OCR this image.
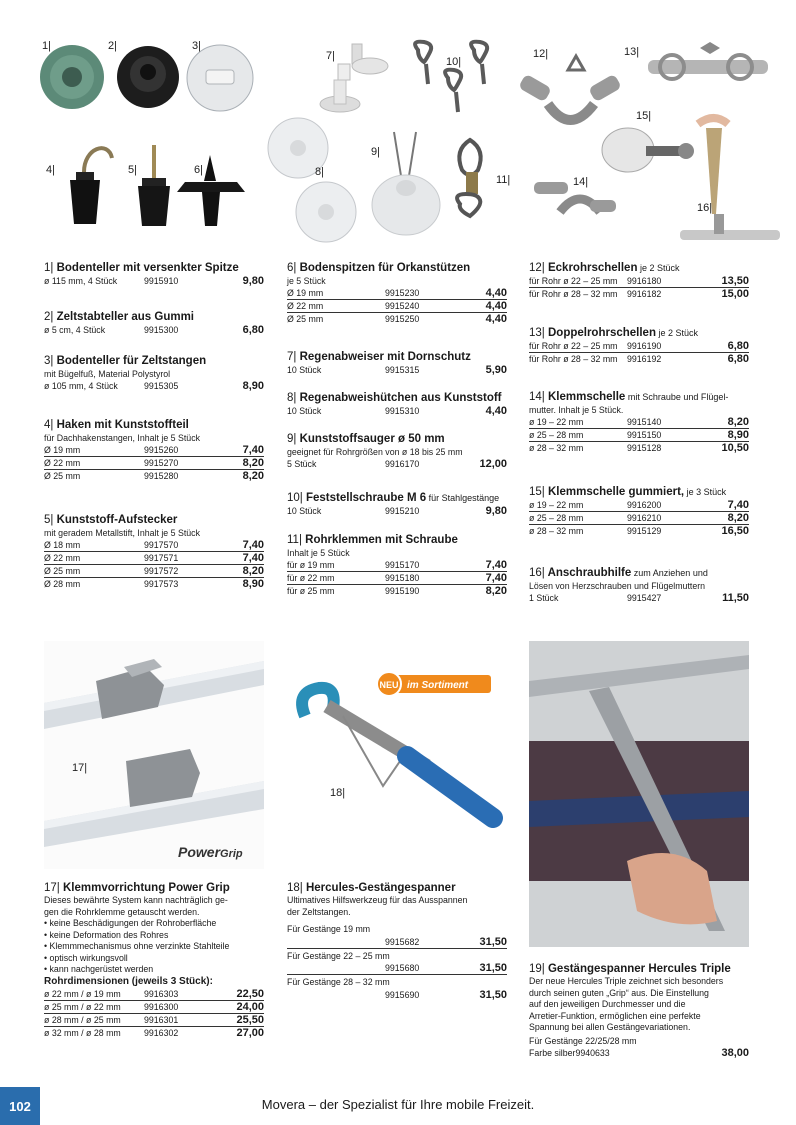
1|	2|	3|
4|	5|	6|
7|
8|
9|
10|
11|
12|	13|
14|
15|
16|
1| Bodenteller mit versenkter Spitze
ø 115 mm, 4 Stück	9915910	9,80
2| Zeltstabteller aus Gummi
ø 5 cm, 4 Stück	9915300	6,80
3| Bodenteller für Zeltstangen
mit Bügelfuß, Material Polystyrol
ø 105 mm, 4 Stück	9915305	8,90
4| Haken mit Kunststoffteil
für Dachhakenstangen, Inhalt je 5 Stück
Ø 19 mm	9915260	7,40
Ø 22 mm	9915270	8,20
Ø 25 mm	9915280	8,20
5| Kunststoff-Aufstecker
mit geradem Metallstift, Inhalt je 5 Stück
Ø 18 mm	9917570	7,40
Ø 22 mm	9917571	7,40
Ø 25 mm	9917572	8,20
Ø 28 mm	9917573	8,90
6| Bodenspitzen für Orkanstützen
je 5 Stück
Ø 19 mm	9915230	4,40
Ø 22 mm	9915240	4,40
Ø 25 mm	9915250	4,40
7| Regenabweiser mit Dornschutz
10 Stück	9915315	5,90
8| Regenabweishütchen aus Kunststoff
10 Stück	9915310	4,40
9| Kunststoffsauger ø 50 mm
geeignet für Rohrgrößen von ø 18 bis 25 mm
5 Stück	9916170	12,00
10| Feststellschraube M 6 für Stahlgestänge
10 Stück	9915210	9,80
11| Rohrklemmen mit Schraube
Inhalt je 5 Stück
für ø 19 mm	9915170	7,40
für ø 22 mm	9915180	7,40
für ø 25 mm	9915190	8,20
12| Eckrohrschellen je 2 Stück
für Rohr ø 22 – 25 mm	9916180	13,50
für Rohr ø 28 – 32 mm	9916182	15,00
13| Doppelrohrschellen je 2 Stück
für Rohr ø 22 – 25 mm	9916190	6,80
für Rohr ø 28 – 32 mm	9916192	6,80
14| Klemmschelle mit Schraube und Flügel-
mutter. Inhalt je 5 Stück.
ø 19 – 22 mm	9915140	8,20
ø 25 – 28 mm	9915150	8,90
ø 28 – 32 mm	9915128	10,50
15| Klemmschelle gummiert, je 3 Stück
ø 19 – 22 mm	9916200	7,40
ø 25 – 28 mm	9916210	8,20
ø 28 – 32 mm	9915129	16,50
16| Anschraubhilfe zum Anziehen und
Lösen von Herzschrauben und Flügelmuttern
1 Stück	9915427	11,50
PowerGrip
17|
NEU im Sortiment
18|
17| Klemmvorrichtung Power Grip
Dieses bewährte System kann nachträglich ge-
gen die Rohrklemme getauscht werden.
• keine Beschädigungen der Rohroberfläche
• keine Deformation des Rohres
• Klemmmechanismus ohne verzinkte Stahlteile
• optisch wirkungsvoll
• kann nachgerüstet werden
Rohrdimensionen (jeweils 3 Stück):
ø 22 mm / ø 19 mm	9916303	22,50
ø 25 mm / ø 22 mm	9916300	24,00
ø 28 mm / ø 25 mm	9916301	25,50
ø 32 mm / ø 28 mm	9916302	27,00
18| Hercules-Gestängespanner
Ultimatives Hilfswerkzeug für das Ausspannen
der Zeltstangen.
Für Gestänge 19 mm
9915682	31,50
Für Gestänge 22 – 25 mm
9915680	31,50
Für Gestänge 28 – 32 mm
9915690	31,50
19| Gestängespanner Hercules Triple
Der neue Hercules Triple zeichnet sich besonders
durch seinen guten „Grip“ aus. Die Einstellung
auf den jeweiligen Durchmesser und die
Arretier-Funktion, ermöglichen eine perfekte
Spannung bei allen Gestängevariationen.
Für Gestänge 22/25/28 mm
Farbe silber 9940633	38,00
102	Movera – der Spezialist für Ihre mobile Freizeit.
